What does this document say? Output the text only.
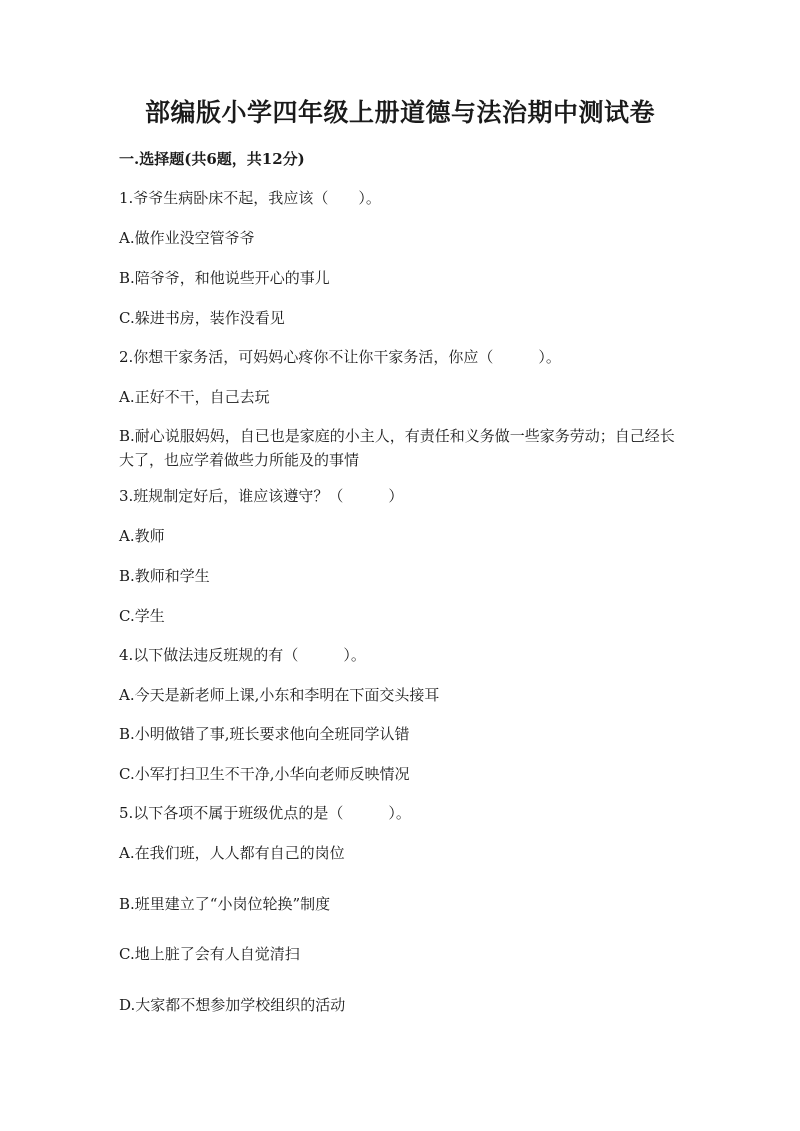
部编版小学四年级上册道德与法治期中测试卷
一.选择题(共6题，共12分)
1.爷爷生病卧床不起，我应该（　　）。
A.做作业没空管爷爷
B.陪爷爷，和他说些开心的事儿
C.躲进书房，装作没看见
2.你想干家务活，可妈妈心疼你不让你干家务活，你应（　　　）。
A.正好不干，自己去玩
B.耐心说服妈妈，自已也是家庭的小主人，有责任和义务做一些家务劳动；自己经长大了，也应学着做些力所能及的事情
3.班规制定好后，谁应该遵守？（　　　）
A.教师
B.教师和学生
C.学生
4.以下做法违反班规的有（　　　）。
A.今天是新老师上课,小东和李明在下面交头接耳
B.小明做错了事,班长要求他向全班同学认错
C.小军打扫卫生不干净,小华向老师反映情况
5.以下各项不属于班级优点的是（　　　）。
A.在我们班，人人都有自己的岗位
B.班里建立了“小岗位轮换”制度
C.地上脏了会有人自觉清扫
D.大家都不想参加学校组织的活动
